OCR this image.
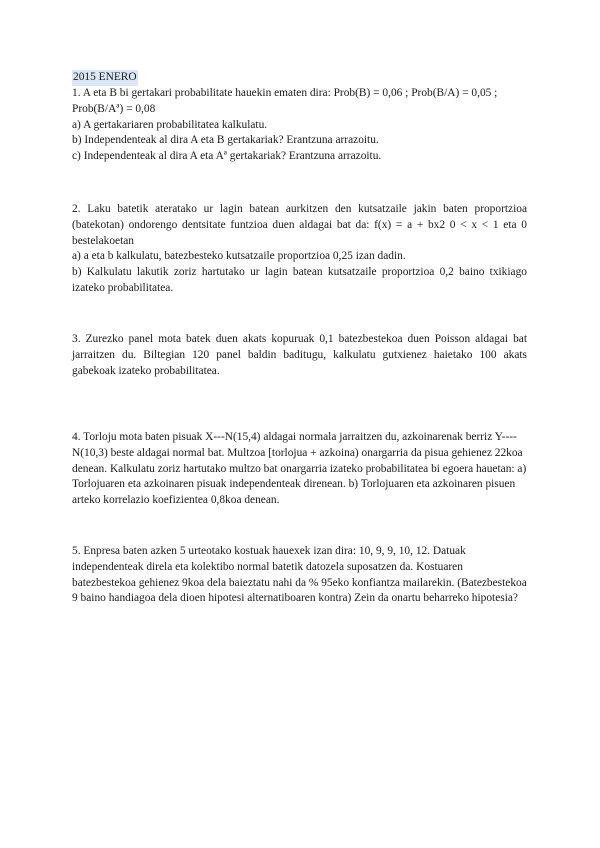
2015 ENERO

1. A eta B bi gertakari probabilitate hauekin ematen dira: Prob(B) = 0,06 ; Prob(B/A) = 0,05 ; Prob(B/Aª) = 0,08

a) A gertakariaren probabilitatea kalkulatu.

b) Independenteak al dira A eta B gertakariak? Erantzuna arrazoitu.

c) Independenteak al dira A eta Aª gertakariak? Erantzuna arrazoitu.

2. Laku batetik ateratako ur lagin batean aurkitzen den kutsatzaile jakin baten proportzioa (batekotan) ondorengo dentsitate funtzioa duen aldagai bat da: f(x) = a + bx2 0 < x < 1 eta 0 bestelakoetan

a) a eta b kalkulatu, batezbesteko kutsatzaile proportzioa 0,25 izan dadin.

b) Kalkulatu lakutik zoriz hartutako ur lagin batean kutsatzaile proportzioa 0,2 baino txikiago izateko probabilitatea.

3. Zurezko panel mota batek duen akats kopuruak 0,1 batezbestekoa duen Poisson aldagai bat jarraitzen du. Biltegian 120 panel baldin baditugu, kalkulatu gutxienez haietako 100 akats gabekoak izateko probabilitatea.

4. Torloju mota baten pisuak X---N(15,4) aldagai normala jarraitzen du, azkoinarenak berriz Y----N(10,3) beste aldagai normal bat. Multzoa [torlojua + azkoina) onargarria da pisua gehienez 22koa denean. Kalkulatu zoriz hartutako multzo bat onargarria izateko probabilitatea bi egoera hauetan: a) Torlojuaren eta azkoinaren pisuak independenteak direnean. b) Torlojuaren eta azkoinaren pisuen arteko korrelazio koefizientea 0,8koa denean.

5. Enpresa baten azken 5 urteotako kostuak hauexek izan dira: 10, 9, 9, 10, 12. Datuak independenteak direla eta kolektibo normal batetik datozela suposatzen da. Kostuaren batezbestekoa gehienez 9koa dela baieztatu nahi da % 95eko konfiantza mailarekin. (Batezbestekoa 9 baino handiagoa dela dioen hipotesi alternatiboaren kontra) Zein da onartu beharreko hipotesia?
